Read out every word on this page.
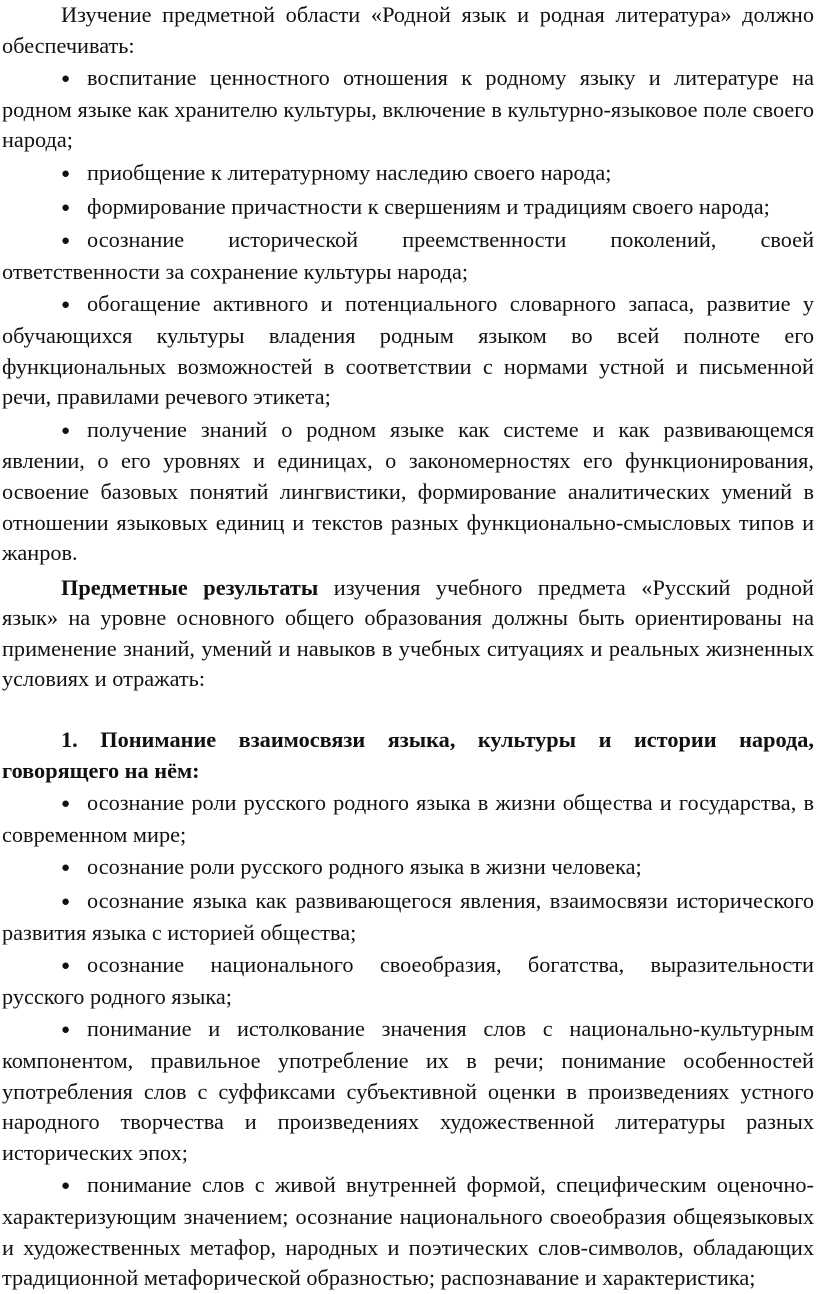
Изучение предметной области «Родной язык и родная литература» должно обеспечивать:

● воспитание ценностного отношения к родному языку и литературе на родном языке как хранителю культуры, включение в культурно-языковое поле своего народа;

● приобщение к литературному наследию своего народа;

● формирование причастности к свершениям и традициям своего народа;

● осознание исторической преемственности поколений, своей ответственности за сохранение культуры народа;

● обогащение активного и потенциального словарного запаса, развитие у обучающихся культуры владения родным языком во всей полноте его функциональных возможностей в соответствии с нормами устной и письменной речи, правилами речевого этикета;

● получение знаний о родном языке как системе и как развивающемся явлении, о его уровнях и единицах, о закономерностях его функционирования, освоение базовых понятий лингвистики, формирование аналитических умений в отношении языковых единиц и текстов разных функционально-смысловых типов и жанров.

Предметные результаты изучения учебного предмета «Русский родной язык» на уровне основного общего образования должны быть ориентированы на применение знаний, умений и навыков в учебных ситуациях и реальных жизненных условиях и отражать:

1. Понимание взаимосвязи языка, культуры и истории народа, говорящего на нём:

● осознание роли русского родного языка в жизни общества и государства, в современном мире;

● осознание роли русского родного языка в жизни человека;

● осознание языка как развивающегося явления, взаимосвязи исторического развития языка с историей общества;

● осознание национального своеобразия, богатства, выразительности русского родного языка;

● понимание и истолкование значения слов с национально-культурным компонентом, правильное употребление их в речи; понимание особенностей употребления слов с суффиксами субъективной оценки в произведениях устного народного творчества и произведениях художественной литературы разных исторических эпох;

● понимание слов с живой внутренней формой, специфическим оценочно-характеризующим значением; осознание национального своеобразия общеязыковых и художественных метафор, народных и поэтических слов-символов, обладающих традиционной метафорической образностью; распознавание и характеристика;
